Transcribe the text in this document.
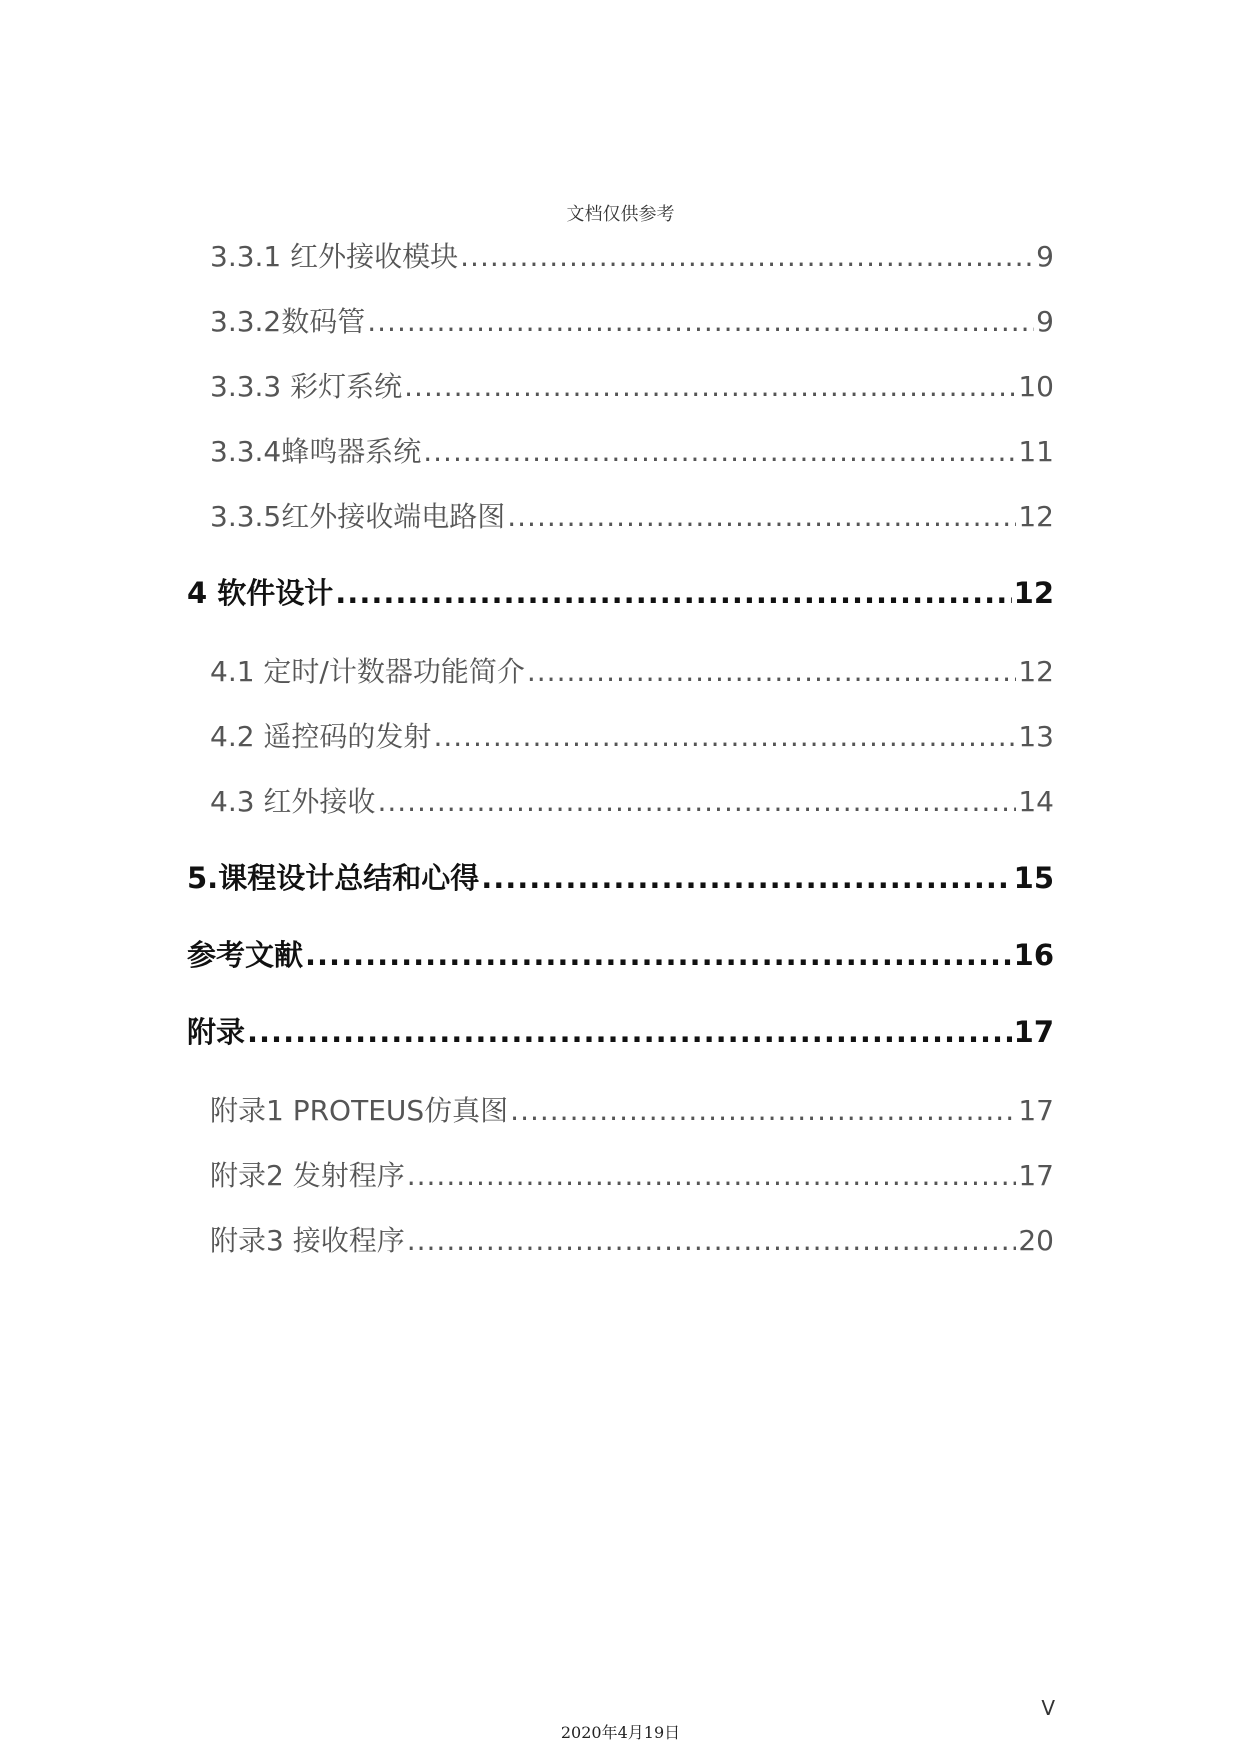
文档仅供参考
3.3.1 红外接收模块 .....	9
3.3.2数码管 .....	9
3.3.3 彩灯系统 .....	10
3.3.4蜂鸣器系统 .....	11
3.3.5红外接收端电路图 .....	12
4 软件设计 .....	12
4.1 定时/计数器功能简介 .....	12
4.2 遥控码的发射 .....	13
4.3 红外接收 .....	14
5.课程设计总结和心得 .....	15
参考文献 .....	16
附录 .....	17
附录1 PROTEUS仿真图 .....	17
附录2 发射程序 .....	17
附录3 接收程序 .....	20
V
2020年4月19日
